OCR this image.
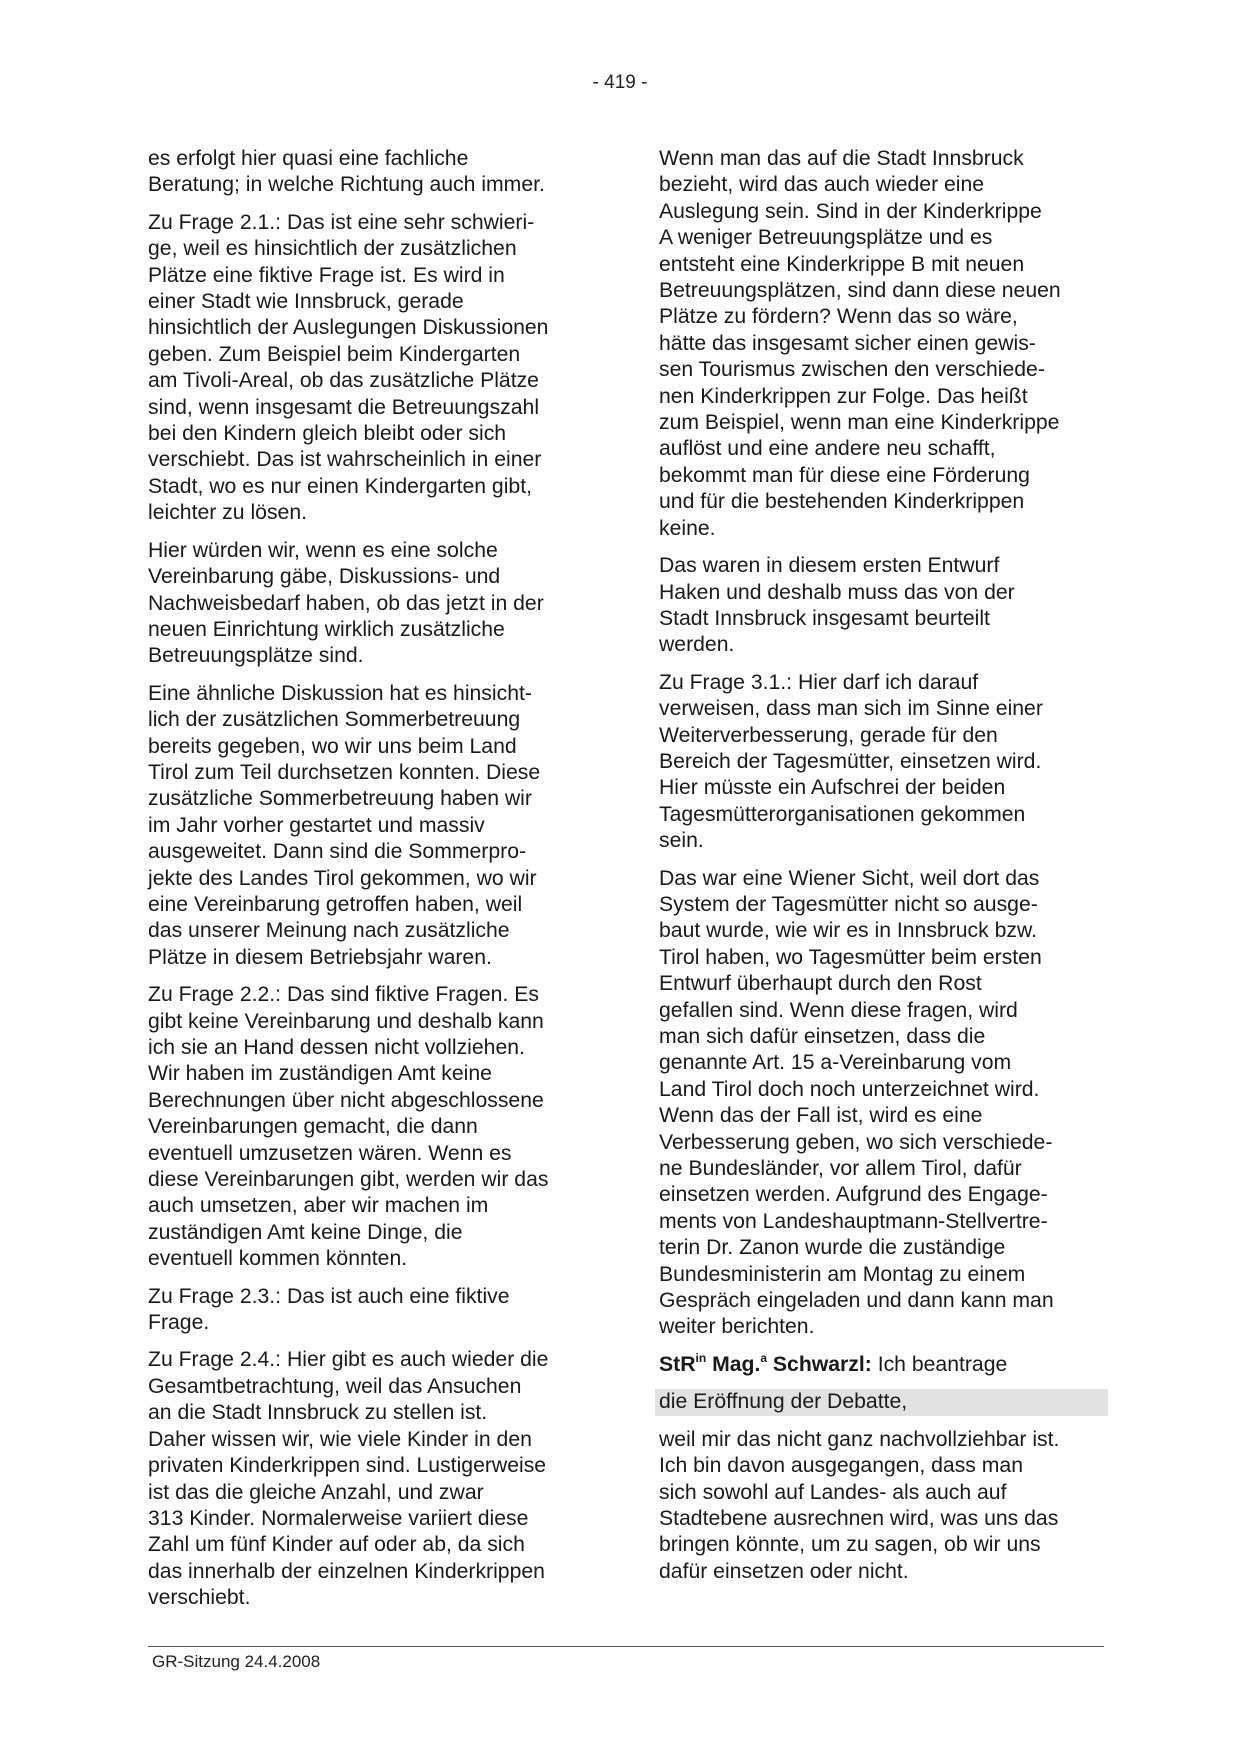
- 419 -
es erfolgt hier quasi eine fachliche
Beratung; in welche Richtung auch immer.
Zu Frage 2.1.: Das ist eine sehr schwieri-
ge, weil es hinsichtlich der zusätzlichen
Plätze eine fiktive Frage ist. Es wird in
einer Stadt wie Innsbruck, gerade
hinsichtlich der Auslegungen Diskussionen
geben. Zum Beispiel beim Kindergarten
am Tivoli-Areal, ob das zusätzliche Plätze
sind, wenn insgesamt die Betreuungszahl
bei den Kindern gleich bleibt oder sich
verschiebt. Das ist wahrscheinlich in einer
Stadt, wo es nur einen Kindergarten gibt,
leichter zu lösen.
Hier würden wir, wenn es eine solche
Vereinbarung gäbe, Diskussions- und
Nachweisbedarf haben, ob das jetzt in der
neuen Einrichtung wirklich zusätzliche
Betreuungsplätze sind.
Eine ähnliche Diskussion hat es hinsicht-
lich der zusätzlichen Sommerbetreuung
bereits gegeben, wo wir uns beim Land
Tirol zum Teil durchsetzen konnten. Diese
zusätzliche Sommerbetreuung haben wir
im Jahr vorher gestartet und massiv
ausgeweitet. Dann sind die Sommerpro-
jekte des Landes Tirol gekommen, wo wir
eine Vereinbarung getroffen haben, weil
das unserer Meinung nach zusätzliche
Plätze in diesem Betriebsjahr waren.
Zu Frage 2.2.: Das sind fiktive Fragen. Es
gibt keine Vereinbarung und deshalb kann
ich sie an Hand dessen nicht vollziehen.
Wir haben im zuständigen Amt keine
Berechnungen über nicht abgeschlossene
Vereinbarungen gemacht, die dann
eventuell umzusetzen wären. Wenn es
diese Vereinbarungen gibt, werden wir das
auch umsetzen, aber wir machen im
zuständigen Amt keine Dinge, die
eventuell kommen könnten.
Zu Frage 2.3.: Das ist auch eine fiktive
Frage.
Zu Frage 2.4.: Hier gibt es auch wieder die
Gesamtbetrachtung, weil das Ansuchen
an die Stadt Innsbruck zu stellen ist.
Daher wissen wir, wie viele Kinder in den
privaten Kinderkrippen sind. Lustigerweise
ist das die gleiche Anzahl, und zwar
313 Kinder. Normalerweise variiert diese
Zahl um fünf Kinder auf oder ab, da sich
das innerhalb der einzelnen Kinderkrippen
verschiebt.
Wenn man das auf die Stadt Innsbruck
bezieht, wird das auch wieder eine
Auslegung sein. Sind in der Kinderkrippe
A weniger Betreuungsplätze und es
entsteht eine Kinderkrippe B mit neuen
Betreuungsplätzen, sind dann diese neuen
Plätze zu fördern? Wenn das so wäre,
hätte das insgesamt sicher einen gewis-
sen Tourismus zwischen den verschiede-
nen Kinderkrippen zur Folge. Das heißt
zum Beispiel, wenn man eine Kinderkrippe
auflöst und eine andere neu schafft,
bekommt man für diese eine Förderung
und für die bestehenden Kinderkrippen
keine.
Das waren in diesem ersten Entwurf
Haken und deshalb muss das von der
Stadt Innsbruck insgesamt beurteilt
werden.
Zu Frage 3.1.: Hier darf ich darauf
verweisen, dass man sich im Sinne einer
Weiterverbesserung, gerade für den
Bereich der Tagesmütter, einsetzen wird.
Hier müsste ein Aufschrei der beiden
Tagesmütterorganisationen gekommen
sein.
Das war eine Wiener Sicht, weil dort das
System der Tagesmütter nicht so ausge-
baut wurde, wie wir es in Innsbruck bzw.
Tirol haben, wo Tagesmütter beim ersten
Entwurf überhaupt durch den Rost
gefallen sind. Wenn diese fragen, wird
man sich dafür einsetzen, dass die
genannte Art. 15 a-Vereinbarung vom
Land Tirol doch noch unterzeichnet wird.
Wenn das der Fall ist, wird es eine
Verbesserung geben, wo sich verschiede-
ne Bundesländer, vor allem Tirol, dafür
einsetzen werden. Aufgrund des Engage-
ments von Landeshauptmann-Stellvertre-
terin Dr. Zanon wurde die zuständige
Bundesministerin am Montag zu einem
Gespräch eingeladen und dann kann man
weiter berichten.
StR$^{in}$ Mag.$^a$ Schwarzl: Ich beantrage
die Eröffnung der Debatte,
weil mir das nicht ganz nachvollziehbar ist.
Ich bin davon ausgegangen, dass man
sich sowohl auf Landes- als auch auf
Stadtebene ausrechnen wird, was uns das
bringen könnte, um zu sagen, ob wir uns
dafür einsetzen oder nicht.
GR-Sitzung 24.4.2008
